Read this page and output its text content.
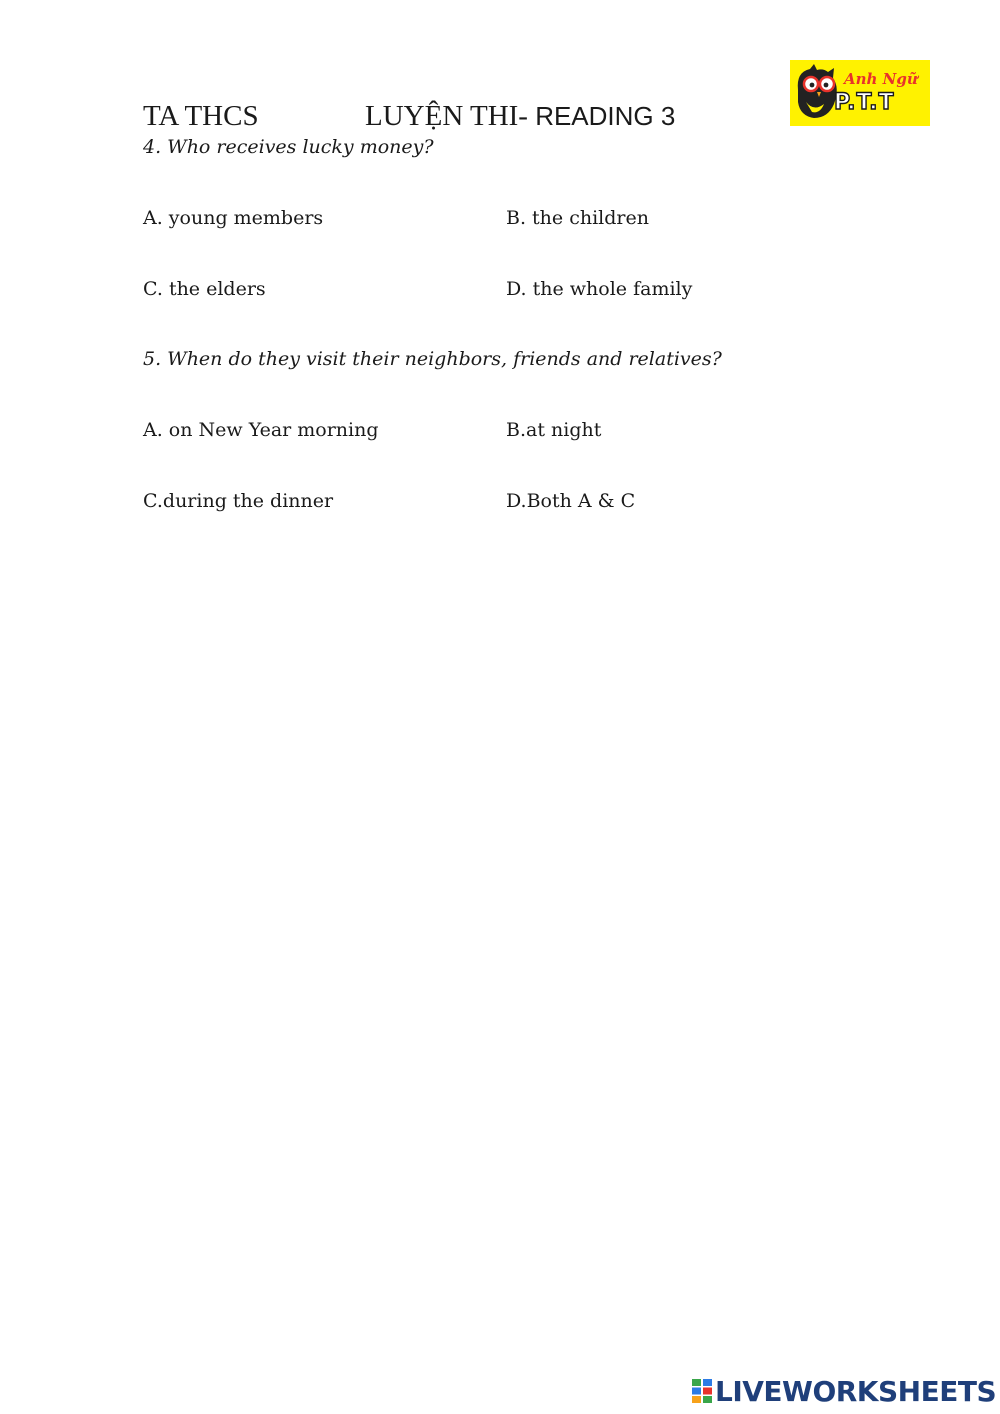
TA THCS	LUYỆN THI- READING 3
Anh Ngữ
P.T.T
4. Who receives lucky money?
A. young members	B. the children
C. the elders	D. the whole family
5. When do they visit their neighbors, friends and relatives?
A. on New Year morning	B.at night
C.during the dinner	D.Both A & C
LIVEWORKSHEETS
